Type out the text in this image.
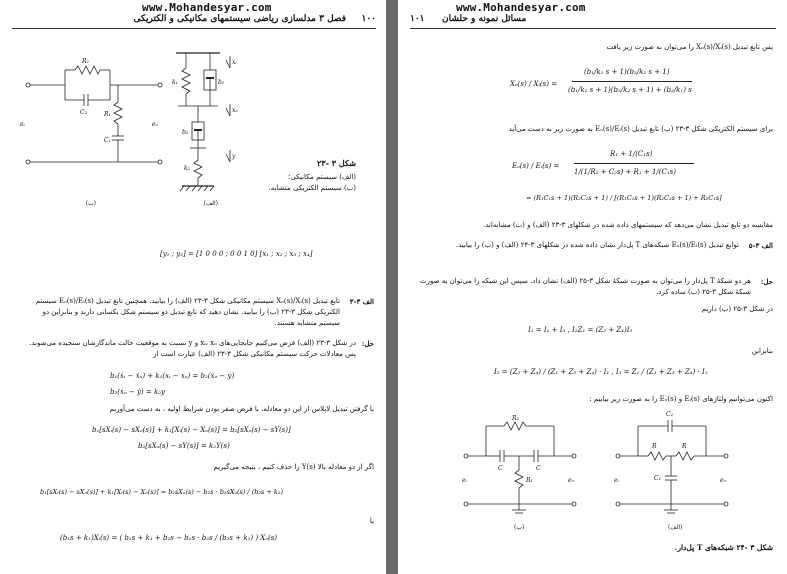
www.Mohandesyar.com
۱۰۰
فصل ۳ مدلسازی ریاضی سیستمهای مکانیکی و الکتریکی
R₂
C₂	R₁
C₁
eᵢ	eₒ
xᵢ
k₁	b₁
xₒ
b₂
k₂
y
(الف)
(ب)
شکل ۳ -۲۳
(الف) سیستم مکانیکی؛
(ب) سیستم الکتریکی متشابه.
[y₁ ; y₂] = [1 0 0 0 ; 0 0 1 0] [x₁ ; x₂ ; x₃ ; x₄]
الف ۳-۳
تابع تبدیل Xₒ(s)/Xᵢ(s) سیستم مکانیکی شکل ۳-۲۳ (الف) را بیابید. همچنین تابع تبدیل Eₒ(s)/Eᵢ(s) سیستم الکتریکی شکل ۳-۲۳ (ب) را بیابید. نشان دهید که تابع تبدیل دو سیستم شکل یکسانی دارند و بنابراین دو سیستم متشابه هستند.
حل:
در شکل ۳-۲۳ (الف) فرض می‌کنیم جابجایی‌های xᵢ، xₒ و y نسبت به موقعیت حالت ماندگارشان سنجیده می‌شوند. پس معادلات حرکت سیستم مکانیکی شکل ۳-۲۳ (الف) عبارت است از
b₁(ẋᵢ − ẋₒ) + k₁(xᵢ − xₒ) = b₂(ẋₒ − ẏ)
b₂(ẋₒ − ẏ) = k₂y
با گرفتن تبدیل لاپلاس از این دو معادله، با فرض صفر بودن شرایط اولیه ، به دست می‌آوریم
b₁[sXᵢ(s) − sXₒ(s)] + k₁[Xᵢ(s) − Xₒ(s)] = b₂[sXₒ(s) − sY(s)]
b₂[sXₒ(s) − sY(s)] = k₂Y(s)
اگر از دو معادله بالا Y(s) را حذف کنیم ، نتیجه می‌گیریم
b₁[sXᵢ(s) − sXₒ(s)] + k₁[Xᵢ(s) − Xₒ(s)] = b₂sXₒ(s) − b₂s · b₂sXₒ(s) / (b₂s + k₂)
یا
(b₁s + k₁)Xᵢ(s) = ( b₁s + k₁ + b₂s − b₂s · b₂s / (b₂s + k₂) ) Xₒ(s)
www.Mohandesyar.com
۱۰۱ مسائل نمونه و حلشان
پس تابع تبدیل Xₒ(s)/Xᵢ(s) را می‌توان به صورت زیر یافت
Xₒ(s) / Xᵢ(s) =
(b₁/k₁ s + 1)(b₂/k₂ s + 1)
(b₁/k₁ s + 1)(b₂/k₂ s + 1) + (b₂/k₁) s
برای سیستم الکتریکی شکل ۳-۲۳ (ب) تابع تبدیل Eₒ(s)/Eᵢ(s) به صورت زیر به دست می‌آید
Eₒ(s) / Eᵢ(s) =
R₁ + 1/(C₁s)
1/(1/R₂ + C₂s) + R₁ + 1/(C₁s)
= (R₁C₁s + 1)(R₂C₂s + 1) / [(R₁C₁s + 1)(R₂C₂s + 1) + R₂C₁s]
مقایسه دو تابع تبدیل نشان می‌دهد که سیستمهای داده شده در شکلهای ۳-۲۳ (الف) و (ب) مشابه‌اند.
الف ۳-۵
توابع تبدیل Eₒ(s)/Eᵢ(s) شبکه‌های T پل‌دار نشان داده شده در شکلهای ۳-۲۴ (الف) و (ب) را بیابید.
حل:
هر دو شبکهٔ T پل‌دار را می‌توان به صورت شبکهٔ شکل ۳-۲۵ (الف) نشان داد. سپس این شبکه را می‌توان به صورت شبکهٔ شکل ۳-۲۵ (ب) ساده کرد.
در شکل ۳-۲۵ (ب) داریم
I₁ = I₂ + I₃ , I₂Z₁ = (Z₃ + Z₄)I₃
بنابراین
I₂ = (Z₃ + Z₄) / (Z₁ + Z₃ + Z₄) · I₁ , I₃ = Z₁ / (Z₁ + Z₃ + Z₄) · I₁
اکنون می‌توانیم ولتاژهای Eᵢ(s) و Eₒ(s) را به صورت زیر بیابیم :
R₂
C	C
R₁
eᵢ	eₒ
C₂
R	R
C₁
eᵢ	eₒ
(ب)	(الف)
شکل ۳ -۲۴ شبکه‌های T پل‌دار.
